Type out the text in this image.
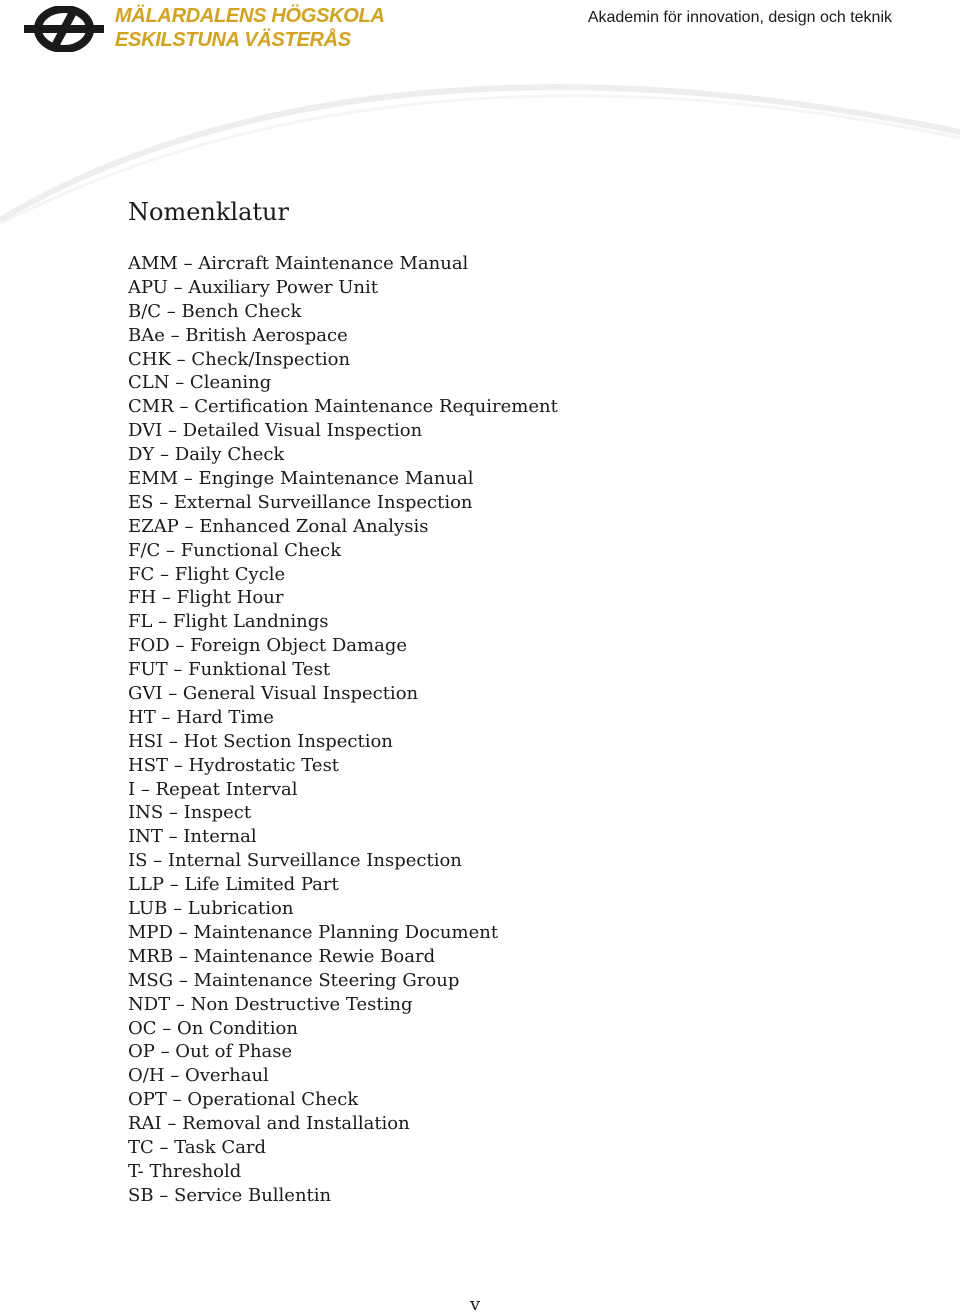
MÄLARDALENS HÖGSKOLA
ESKILSTUNA VÄSTERÅS
Akademin för innovation, design och teknik
Nomenklatur
AMM – Aircraft Maintenance Manual
APU – Auxiliary Power Unit
B/C – Bench Check
BAe – British Aerospace
CHK – Check/Inspection
CLN – Cleaning
CMR – Certification Maintenance Requirement
DVI – Detailed Visual Inspection
DY – Daily Check
EMM – Enginge Maintenance Manual
ES – External Surveillance Inspection
EZAP – Enhanced Zonal Analysis
F/C – Functional Check
FC – Flight Cycle
FH – Flight Hour
FL – Flight Landnings
FOD – Foreign Object Damage
FUT – Funktional Test
GVI – General Visual Inspection
HT – Hard Time
HSI – Hot Section Inspection
HST – Hydrostatic Test
I – Repeat Interval
INS – Inspect
INT – Internal
IS – Internal Surveillance Inspection
LLP – Life Limited Part
LUB – Lubrication
MPD – Maintenance Planning Document
MRB – Maintenance Rewie Board
MSG – Maintenance Steering Group
NDT – Non Destructive Testing
OC – On Condition
OP – Out of Phase
O/H – Overhaul
OPT – Operational Check
RAI – Removal and Installation
TC – Task Card
T- Threshold
SB – Service Bullentin
v
